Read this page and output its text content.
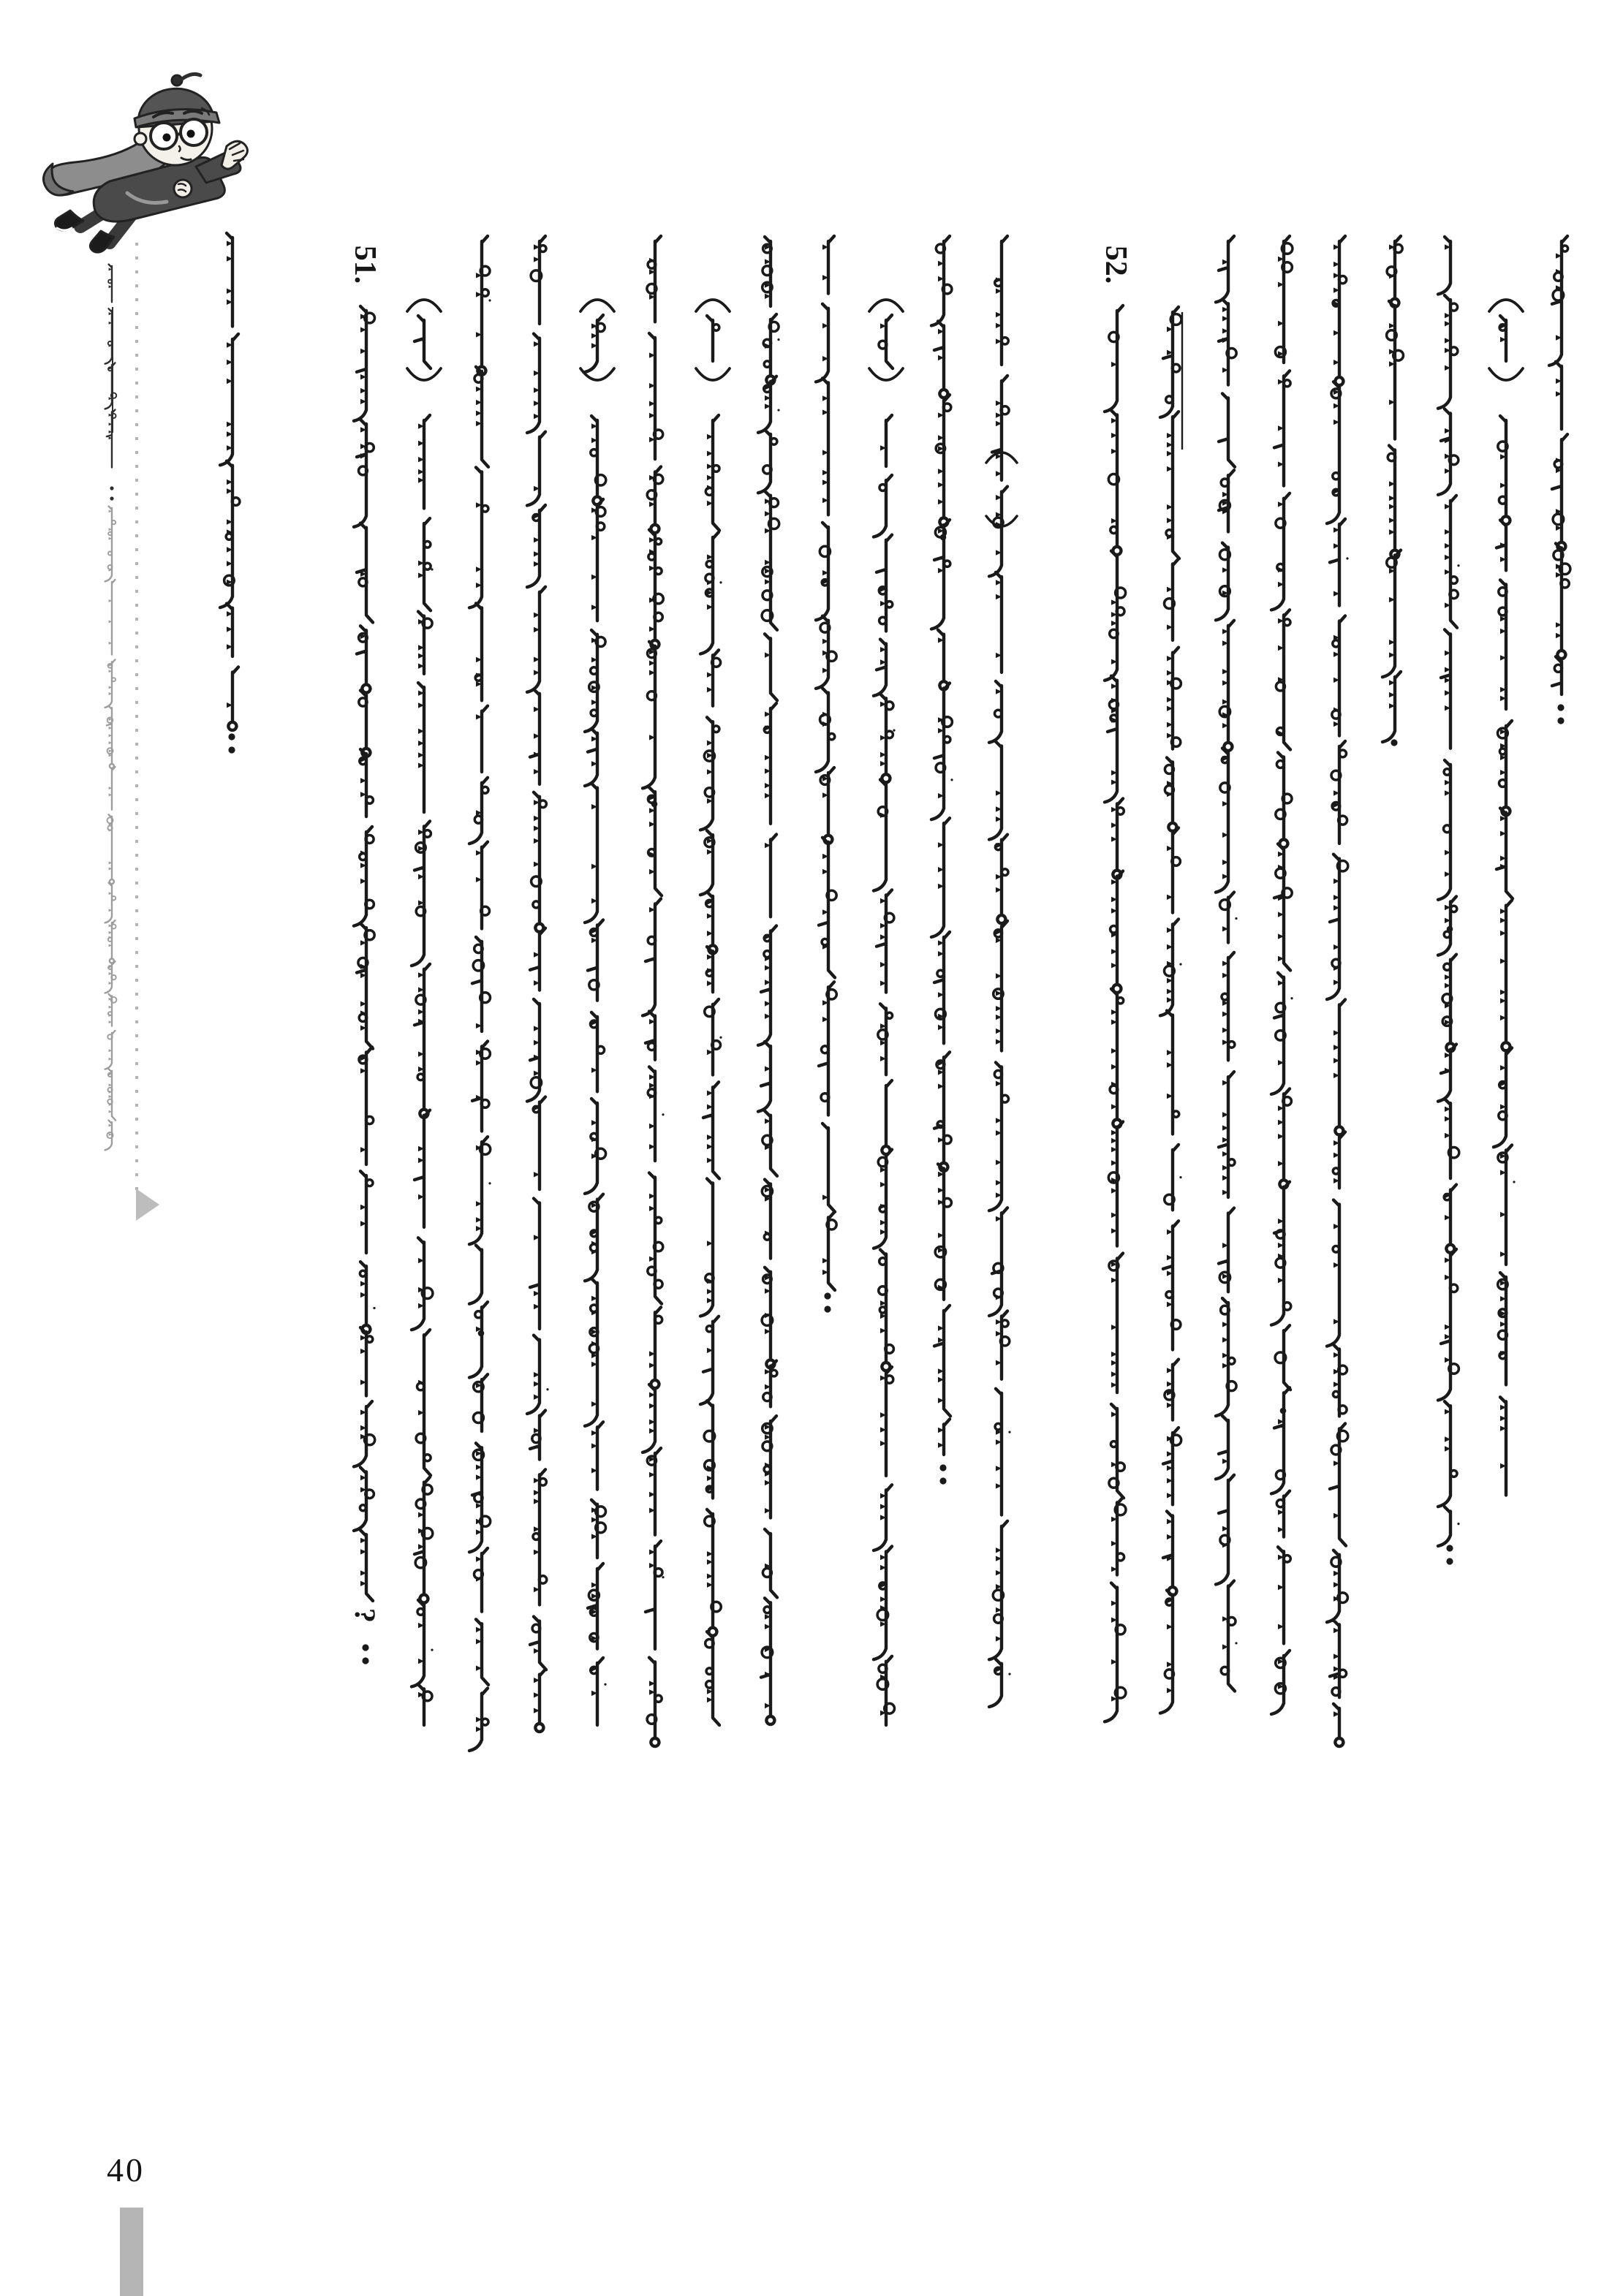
51.	52.
?
40
